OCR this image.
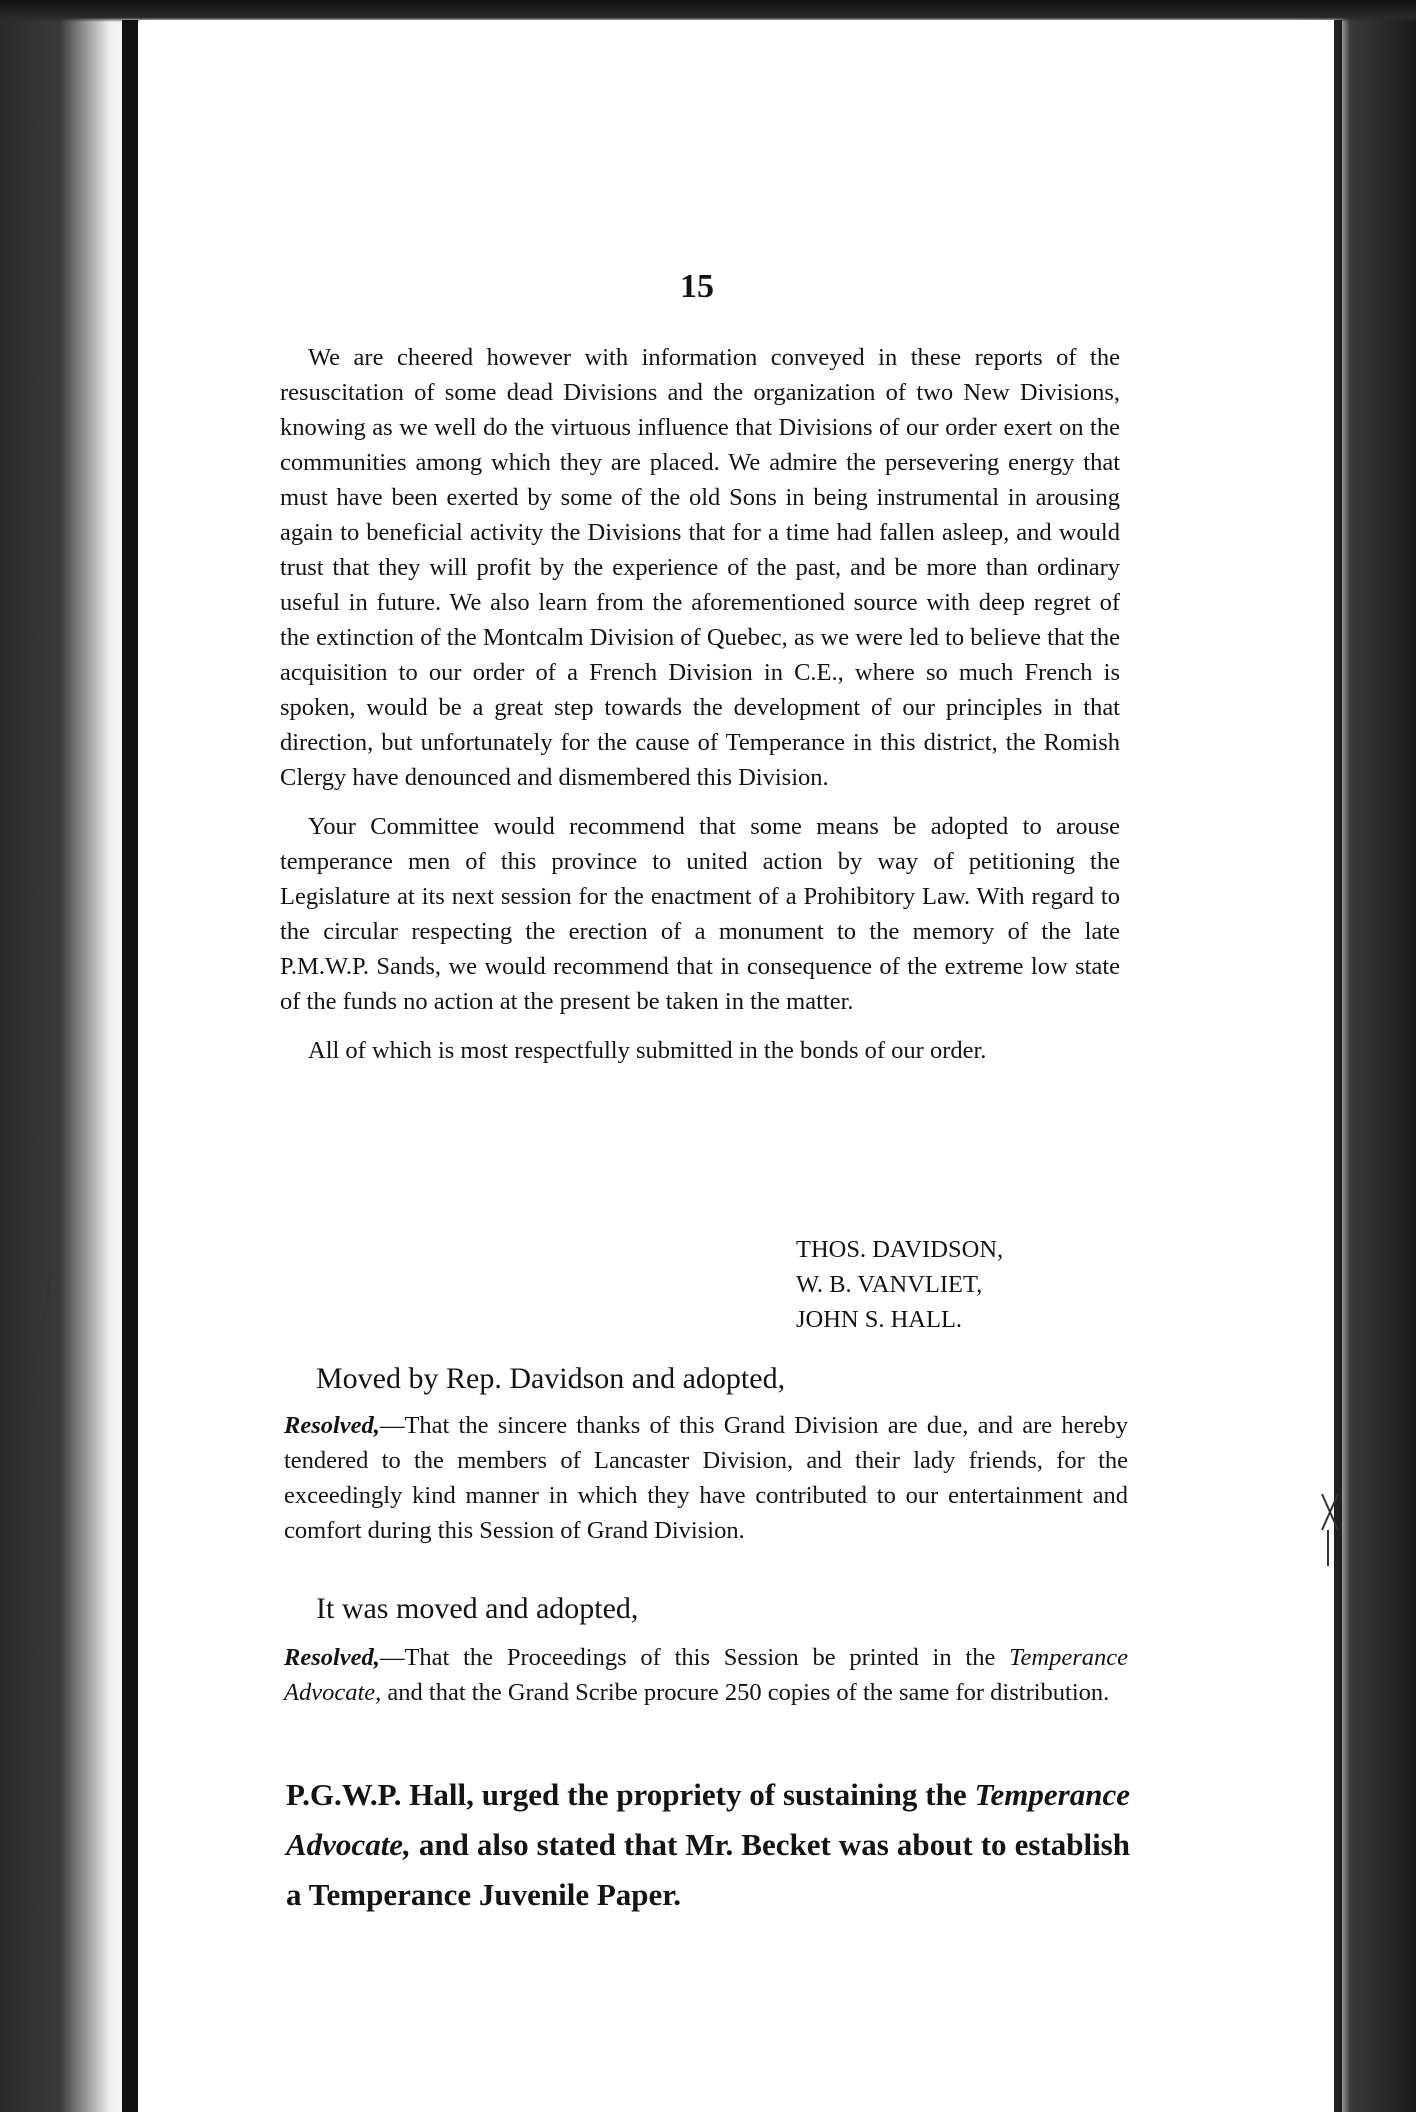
15

We are cheered however with information conveyed in these reports of the resuscitation of some dead Divisions and the organization of two New Divisions, knowing as we well do the virtuous influence that Divisions of our order exert on the communities among which they are placed. We admire the persevering energy that must have been exerted by some of the old Sons in being instrumental in arousing again to beneficial activity the Divisions that for a time had fallen asleep, and would trust that they will profit by the experience of the past, and be more than ordinary useful in future. We also learn from the aforementioned source with deep regret of the extinction of the Montcalm Division of Quebec, as we were led to believe that the acquisition to our order of a French Division in C.E., where so much French is spoken, would be a great step towards the development of our principles in that direction, but unfortunately for the cause of Temperance in this district, the Romish Clergy have denounced and dismembered this Division.

Your Committee would recommend that some means be adopted to arouse temperance men of this province to united action by way of petitioning the Legislature at its next session for the enactment of a Prohibitory Law. With regard to the circular respecting the erection of a monument to the memory of the late P.M.W.P. Sands, we would recommend that in consequence of the extreme low state of the funds no action at the present be taken in the matter.

All of which is most respectfully submitted in the bonds of our order.

THOS. DAVIDSON,
W. B. VANVLIET,
JOHN S. HALL.
Moved by Rep. Davidson and adopted,
Resolved,—That the sincere thanks of this Grand Division are due, and are hereby tendered to the members of Lancaster Division, and their lady friends, for the exceedingly kind manner in which they have contributed to our entertainment and comfort during this Session of Grand Division.
It was moved and adopted,
Resolved,—That the Proceedings of this Session be printed in the Temperance Advocate, and that the Grand Scribe procure 250 copies of the same for distribution.
P.G.W.P. Hall, urged the propriety of sustaining the Temperance Advocate, and also stated that Mr. Becket was about to establish a Temperance Juvenile Paper.
